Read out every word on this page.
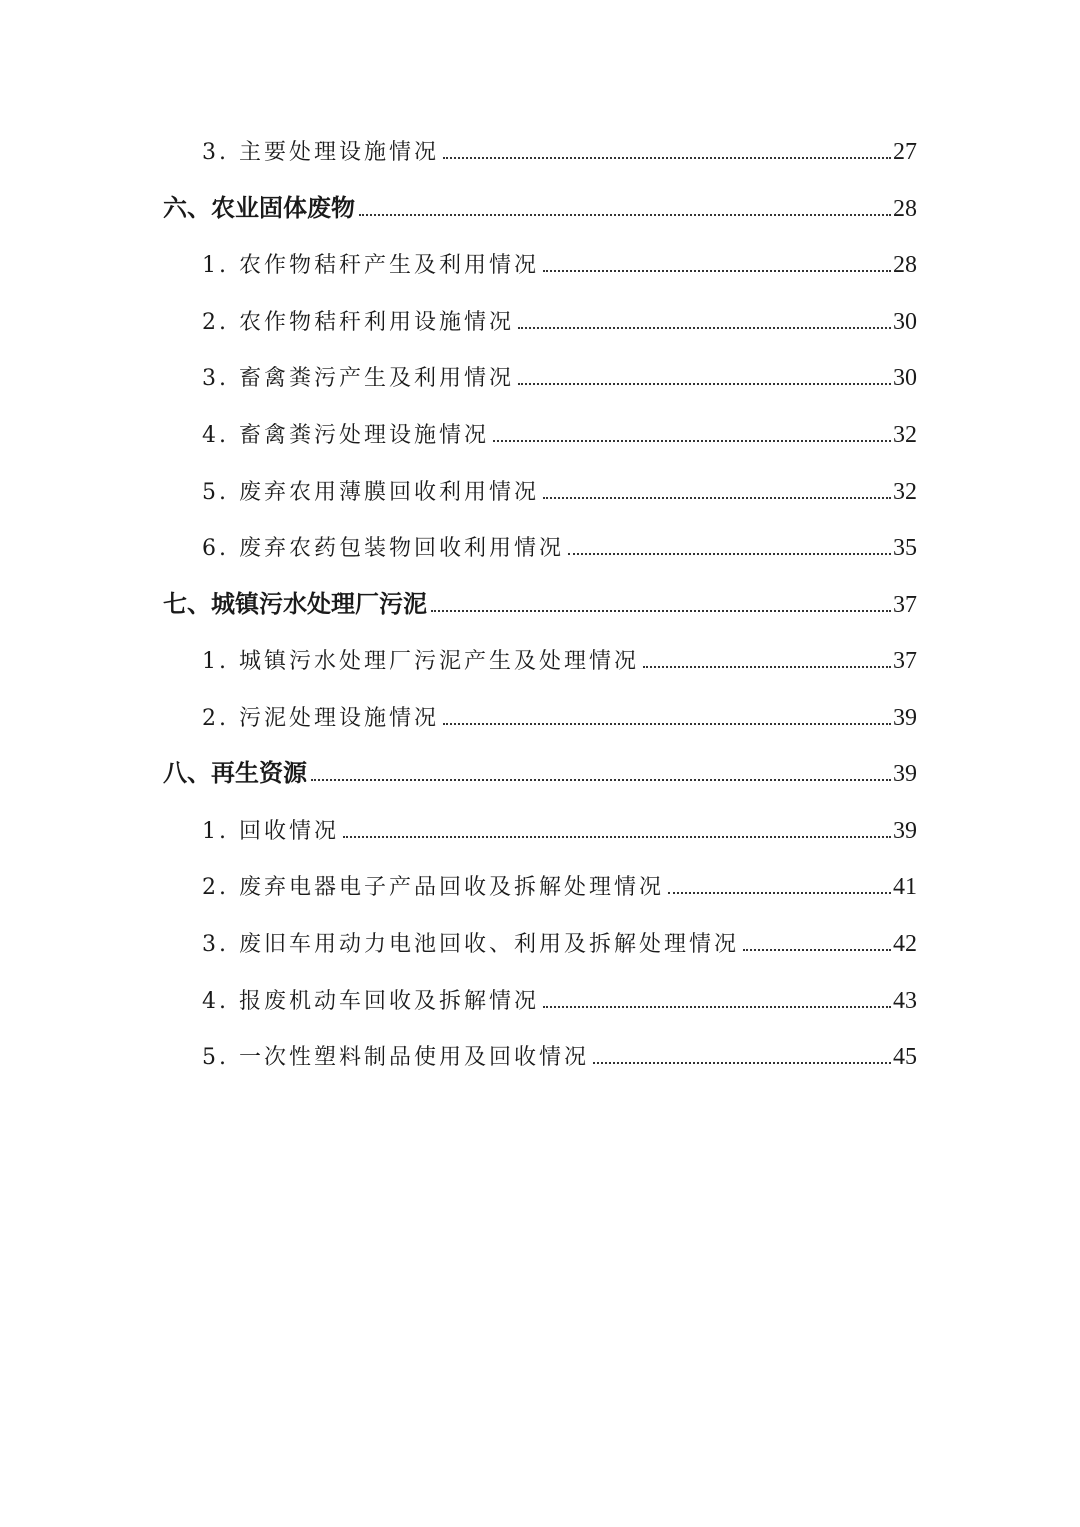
3. 主要处理设施情况	27
六、农业固体废物	28
1. 农作物秸秆产生及利用情况	28
2. 农作物秸秆利用设施情况	30
3. 畜禽粪污产生及利用情况	30
4. 畜禽粪污处理设施情况	32
5. 废弃农用薄膜回收利用情况	32
6. 废弃农药包装物回收利用情况	35
七、城镇污水处理厂污泥	37
1. 城镇污水处理厂污泥产生及处理情况	37
2. 污泥处理设施情况	39
八、再生资源	39
1. 回收情况	39
2. 废弃电器电子产品回收及拆解处理情况	41
3. 废旧车用动力电池回收、利用及拆解处理情况	42
4. 报废机动车回收及拆解情况	43
5. 一次性塑料制品使用及回收情况	45
